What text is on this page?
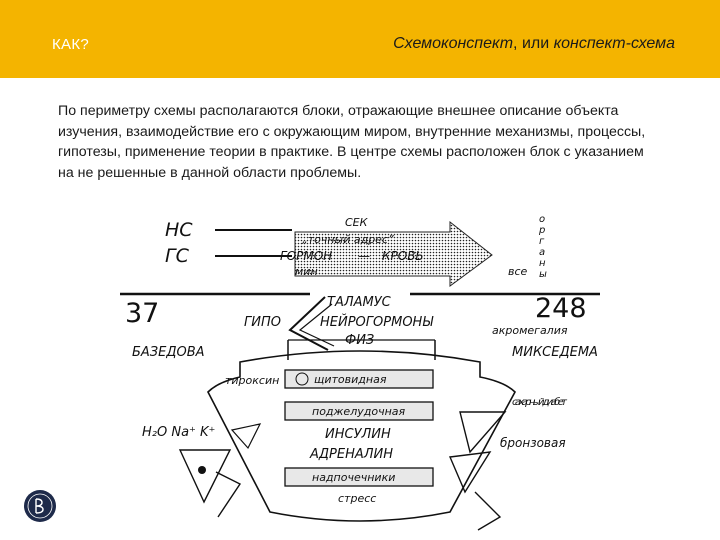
КАК?	Схемоконспект, или конспект-схема
По периметру схемы располагаются блоки, отражающие внешнее описание объекта изучения, взаимодействие его с окружающим миром, внутренние механизмы, процессы, гипотезы, применение теории в практике. В центре схемы расположен блок с указанием на не решенные в данной области проблемы.
НС
ГС
СЕК
„точный адрес”
ГОРМОН — КРОВЬ
мин
о
р
г
а
н
ы
все
37	248
ТАЛАМУС
ГИПО	НЕЙРОГОРМОНЫ
ФИЗ
акромегалия
БАЗЕДОВА	МИКСЕДЕМА
тироксин	щитовидная
поджелудочная
ИНСУЛИН
АДРЕНАЛИН
надпочечники
стресс
сахарный диабет
бронзовая
H₂O Na⁺ K⁺
